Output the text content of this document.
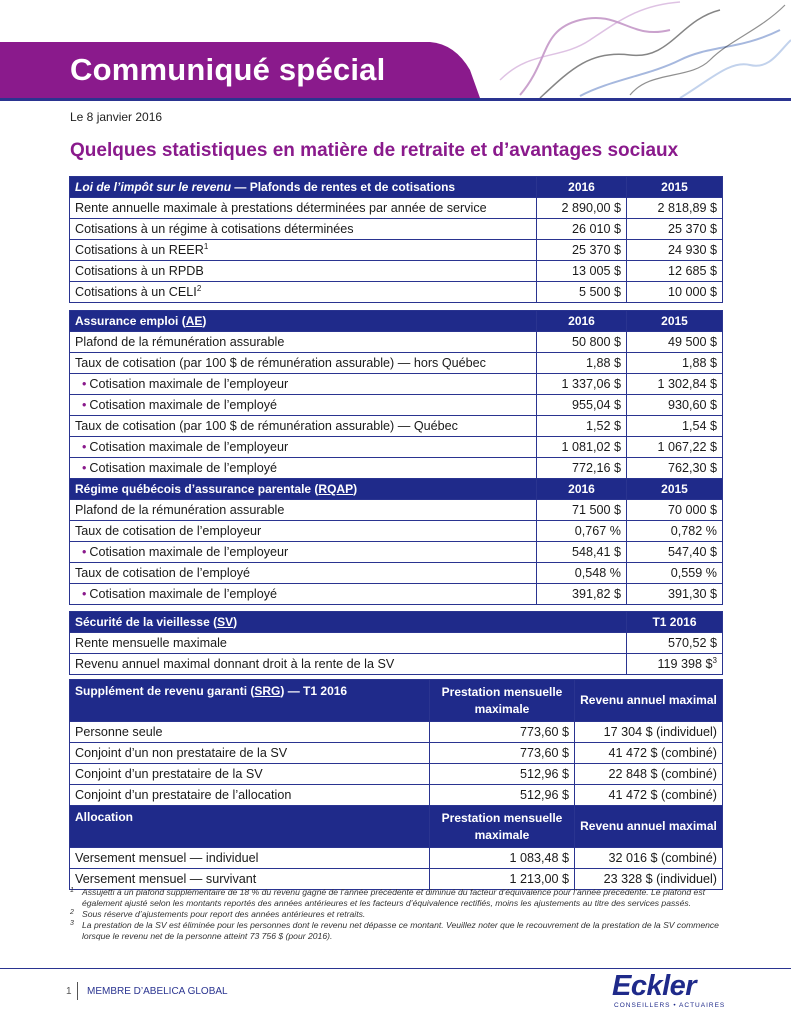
Communiqué spécial
Le 8 janvier 2016
Quelques statistiques en matière de retraite et d’avantages sociaux
Loi de l’impôt sur le revenu — Plafonds de rentes et de cotisations	2016	2015
Rente annuelle maximale à prestations déterminées par année de service	2 890,00 $	2 818,89 $
Cotisations à un régime à cotisations déterminées	26 010 $	25 370 $
Cotisations à un REER$^1$	25 370 $	24 930 $
Cotisations à un RPDB	13 005 $	12 685 $
Cotisations à un CELI$^2$	5 500 $	10 000 $
Assurance emploi (AE)	2016	2015
Plafond de la rémunération assurable	50 800 $	49 500 $
Taux de cotisation (par 100 $ de rémunération assurable) — hors Québec	1,88 $	1,88 $
• Cotisation maximale de l’employeur	1 337,06 $	1 302,84 $
• Cotisation maximale de l’employé	955,04 $	930,60 $
Taux de cotisation (par 100 $ de rémunération assurable) — Québec	1,52 $	1,54 $
• Cotisation maximale de l’employeur	1 081,02 $	1 067,22 $
• Cotisation maximale de l’employé	772,16 $	762,30 $
Régime québécois d’assurance parentale (RQAP)	2016	2015
Plafond de la rémunération assurable	71 500 $	70 000 $
Taux de cotisation de l’employeur	0,767 %	0,782 %
• Cotisation maximale de l’employeur	548,41 $	547,40 $
Taux de cotisation de l’employé	0,548 %	0,559 %
• Cotisation maximale de l’employé	391,82 $	391,30 $
Sécurité de la vieillesse (SV)	T1 2016
Rente mensuelle maximale	570,52 $
Revenu annuel maximal donnant droit à la rente de la SV	119 398 \$$^3$
Supplément de revenu garanti (SRG) — T1 2016	Prestation mensuelle maximale	Revenu annuel maximal
Personne seule	773,60 $	17 304 $ (individuel)
Conjoint d’un non prestataire de la SV	773,60 $	41 472 $ (combiné)
Conjoint d’un prestataire de la SV	512,96 $	22 848 $ (combiné)
Conjoint d’un prestataire de l’allocation	512,96 $	41 472 $ (combiné)
Allocation	Prestation mensuelle maximale	Revenu annuel maximal
Versement mensuel — individuel	1 083,48 $	32 016 $ (combiné)
Versement mensuel — survivant	1 213,00 $	23 328 $ (individuel)
1 Assujetti à un plafond supplémentaire de 18 % du revenu gagné de l’année précédente et diminué du facteur d’équivalence pour l’année précédente. Le plafond est également ajusté selon les montants reportés des années antérieures et les facteurs d’équivalence rectifiés, moins les ajustements au titre des services passés.
2 Sous réserve d’ajustements pour report des années antérieures et retraits.
3 La prestation de la SV est éliminée pour les personnes dont le revenu net dépasse ce montant. Veuillez noter que le recouvrement de la prestation de la SV commence lorsque le revenu net de la personne atteint 73 756 $ (pour 2016).
1 MEMBRE D’ABELICA GLOBAL	Eckler
CONSEILLERS • ACTUAIRES
